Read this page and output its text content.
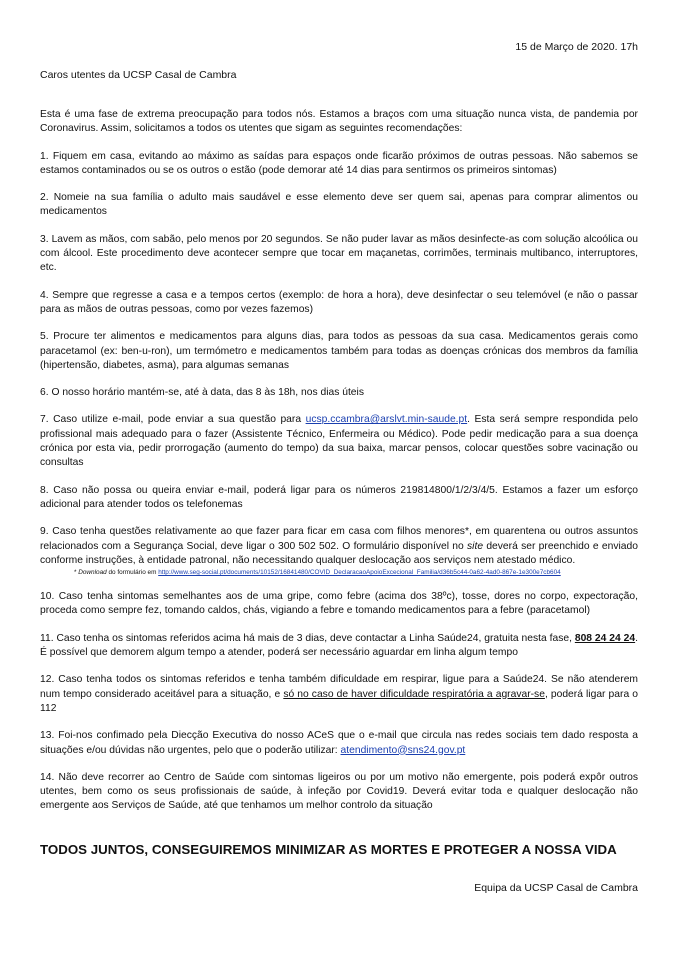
15 de Março de 2020. 17h
Caros utentes da UCSP Casal de Cambra

Esta é uma fase de extrema preocupação para todos nós. Estamos a braços com uma situação nunca vista, de pandemia por Coronavirus. Assim, solicitamos a todos os utentes que sigam as seguintes recomendações:

1. Fiquem em casa, evitando ao máximo as saídas para espaços onde ficarão próximos de outras pessoas. Não sabemos se estamos contaminados ou se os outros o estão (pode demorar até 14 dias para sentirmos os primeiros sintomas)

2. Nomeie na sua família o adulto mais saudável e esse elemento deve ser quem sai, apenas para comprar alimentos ou medicamentos

3. Lavem as mãos, com sabão, pelo menos por 20 segundos. Se não puder lavar as mãos desinfecte-as com solução alcoólica ou com álcool. Este procedimento deve acontecer sempre que tocar em maçanetas, corrimões, terminais multibanco, interruptores, etc.

4. Sempre que regresse a casa e a tempos certos (exemplo: de hora a hora), deve desinfectar o seu telemóvel (e não o passar para as mãos de outras pessoas, como por vezes fazemos)

5. Procure ter alimentos e medicamentos para alguns dias, para todos as pessoas da sua casa. Medicamentos gerais como paracetamol (ex: ben-u-ron), um termómetro e medicamentos também para todas as doenças crónicas dos membros da família (hipertensão, diabetes, asma), para algumas semanas

6. O nosso horário mantém-se, até à data, das 8 às 18h, nos dias úteis

7. Caso utilize e-mail, pode enviar a sua questão para ucsp.ccambra@arslvt.min-saude.pt. Esta será sempre respondida pelo profissional mais adequado para o fazer (Assistente Técnico, Enfermeira ou Médico). Pode pedir medicação para a sua doença crónica por esta via, pedir prorrogação (aumento do tempo) da sua baixa, marcar pensos, colocar questões sobre vacinação ou consultas

8. Caso não possa ou queira enviar e-mail, poderá ligar para os números 219814800/1/2/3/4/5. Estamos a fazer um esforço adicional para atender todos os telefonemas

9. Caso tenha questões relativamente ao que fazer para ficar em casa com filhos menores*, em quarentena ou outros assuntos relacionados com a Segurança Social, deve ligar o 300 502 502. O formulário disponível no site deverá ser preenchido e enviado conforme instruções, à entidade patronal, não necessitando qualquer deslocação aos serviços nem atestado médico.

* Download do formulário em http://www.seg-social.pt/documents/10152/16841480/COVID_DeclaracaoApoioExcecional_Familia/d36b5c44-0a62-4ad0-867e-1e300e7cb604

10. Caso tenha sintomas semelhantes aos de uma gripe, como febre (acima dos 38ºc), tosse, dores no corpo, expectoração, proceda como sempre fez, tomando caldos, chás, vigiando a febre e tomando medicamentos para a febre (paracetamol)

11. Caso tenha os sintomas referidos acima há mais de 3 dias, deve contactar a Linha Saúde24, gratuita nesta fase, 808 24 24 24. É possível que demorem algum tempo a atender, poderá ser necessário aguardar em linha algum tempo

12. Caso tenha todos os sintomas referidos e tenha também dificuldade em respirar, ligue para a Saúde24. Se não atenderem num tempo considerado aceitável para a situação, e só no caso de haver dificuldade respiratória a agravar-se, poderá ligar para o 112

13. Foi-nos confimado pela Diecção Executiva do nosso ACeS que o e-mail que circula nas redes sociais tem dado resposta a situações e/ou dúvidas não urgentes, pelo que o poderão utilizar: atendimento@sns24.gov.pt

14. Não deve recorrer ao Centro de Saúde com sintomas ligeiros ou por um motivo não emergente, pois poderá expôr outros utentes, bem como os seus profissionais de saúde, à infeção por Covid19. Deverá evitar toda e qualquer deslocação não emergente aos Serviços de Saúde, até que tenhamos um melhor controlo da situação

TODOS JUNTOS, CONSEGUIREMOS MINIMIZAR AS MORTES E PROTEGER A NOSSA VIDA
Equipa da UCSP Casal de Cambra
